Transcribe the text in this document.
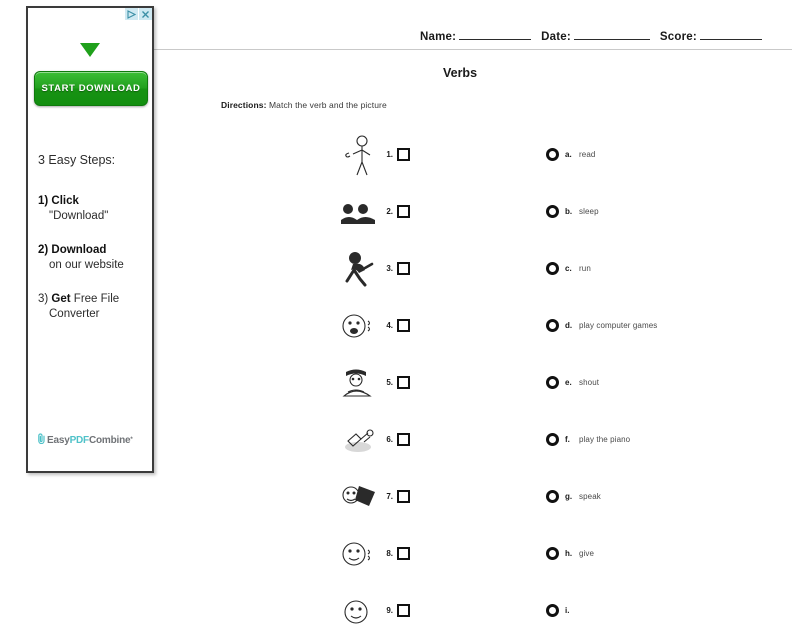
Name:	Date:	Score:
Verbs
Directions: Match the verb and the picture
1.
2.
3.
4.
5.
6.
7.
8.
9.
a. read
b. sleep
c. run
d. play computer games
e. shout
f.	play the piano
g. speak
h. give
i.
START DOWNLOAD
3 Easy Steps:
1) Click
"Download"
2) Download
on our website
3) Get Free File
Converter
Easy PDF Combine *
